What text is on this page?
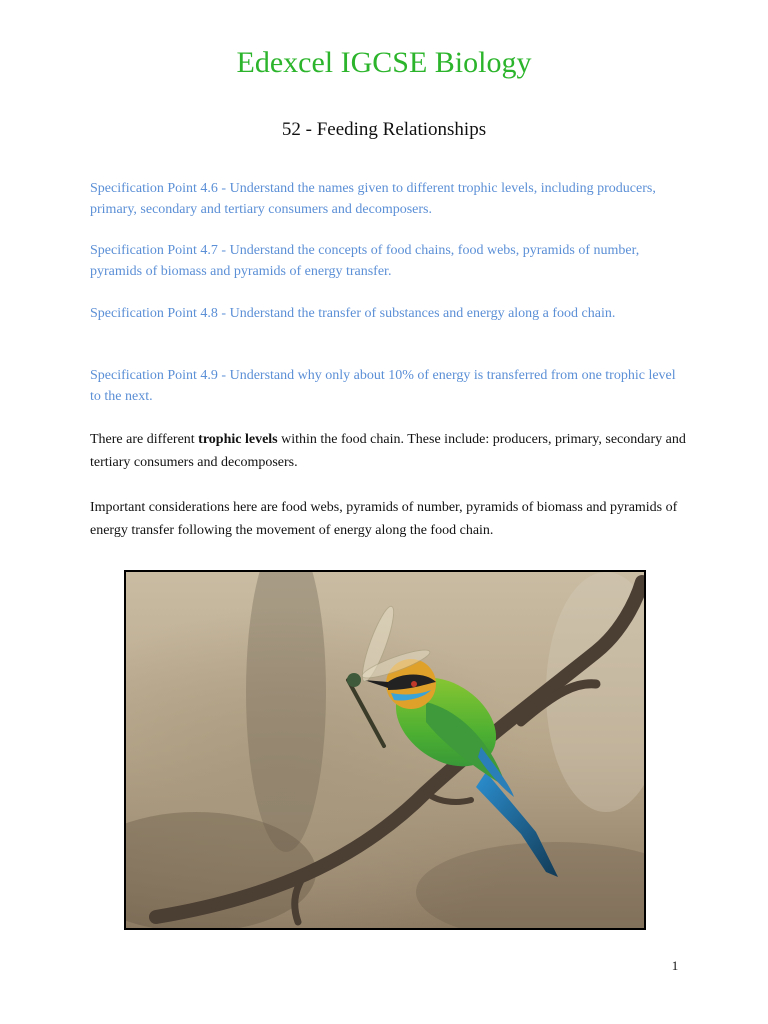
Edexcel IGCSE Biology
52 - Feeding Relationships
Specification Point 4.6 - Understand the names given to different trophic levels, including producers, primary, secondary and tertiary consumers and decomposers.
Specification Point 4.7 - Understand the concepts of food chains, food webs, pyramids of number, pyramids of biomass and pyramids of energy transfer.
Specification Point 4.8 - Understand the transfer of substances and energy along a food chain.
Specification Point 4.9 - Understand why only about 10% of energy is transferred from one trophic level to the next.
There are different trophic levels within the food chain. These include: producers, primary, secondary and tertiary consumers and decomposers.
Important considerations here are food webs, pyramids of number, pyramids of biomass and pyramids of energy transfer following the movement of energy along the food chain.
1
